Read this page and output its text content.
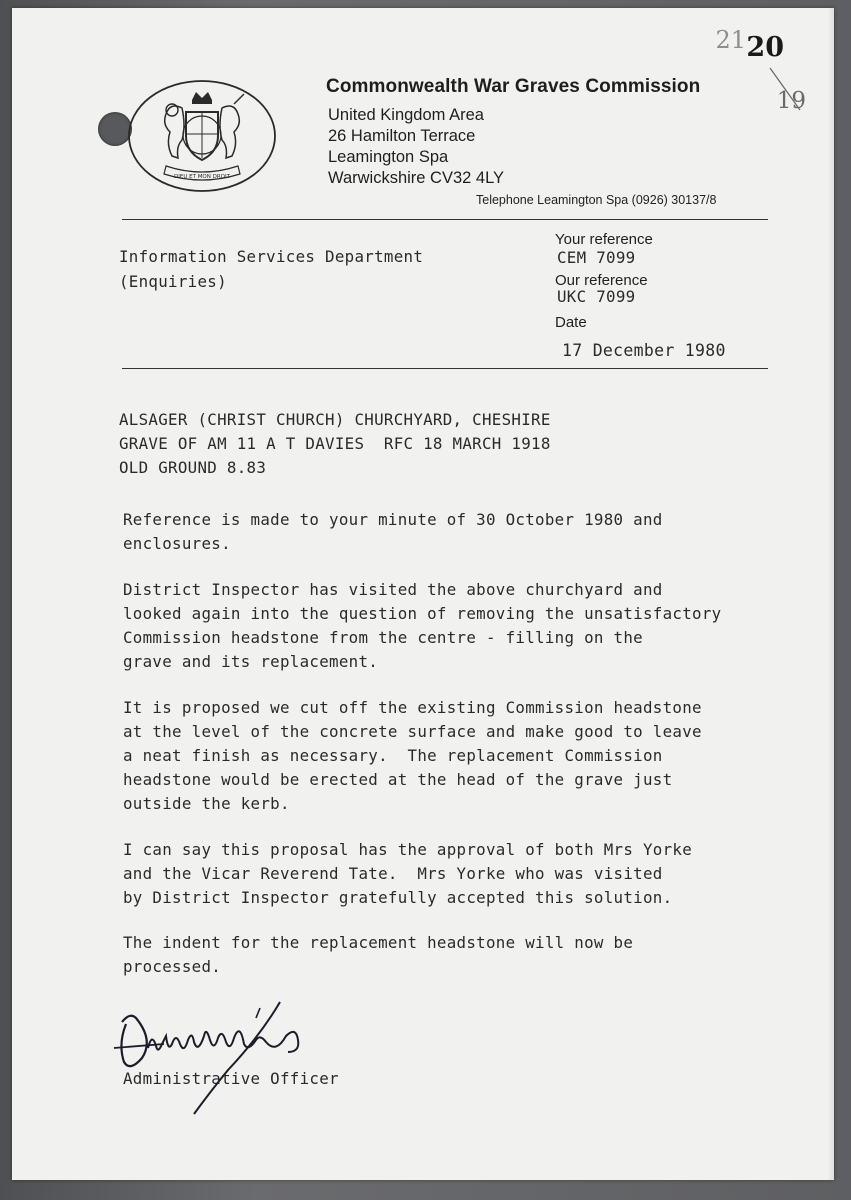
DIEU ET MON DROIT
Commonwealth War Graves Commission
United Kingdom Area
26 Hamilton Terrace
Leamington Spa
Warwickshire CV32 4LY
Telephone Leamington Spa (0926) 30137/8
21 20
19
Information Services Department
(Enquiries)
Your reference
CEM 7099
Our reference
UKC 7099
Date
17 December 1980
ALSAGER (CHRIST CHURCH) CHURCHYARD, CHESHIRE
GRAVE OF AM 11 A T DAVIES  RFC 18 MARCH 1918
OLD GROUND 8.83
Reference is made to your minute of 30 October 1980 and
enclosures.
District Inspector has visited the above churchyard and
looked again into the question of removing the unsatisfactory
Commission headstone from the centre - filling on the
grave and its replacement.
It is proposed we cut off the existing Commission headstone
at the level of the concrete surface and make good to leave
a neat finish as necessary.  The replacement Commission
headstone would be erected at the head of the grave just
outside the kerb.
I can say this proposal has the approval of both Mrs Yorke
and the Vicar Reverend Tate.  Mrs Yorke who was visited
by District Inspector gratefully accepted this solution.
The indent for the replacement headstone will now be
processed.
Administrative Officer
